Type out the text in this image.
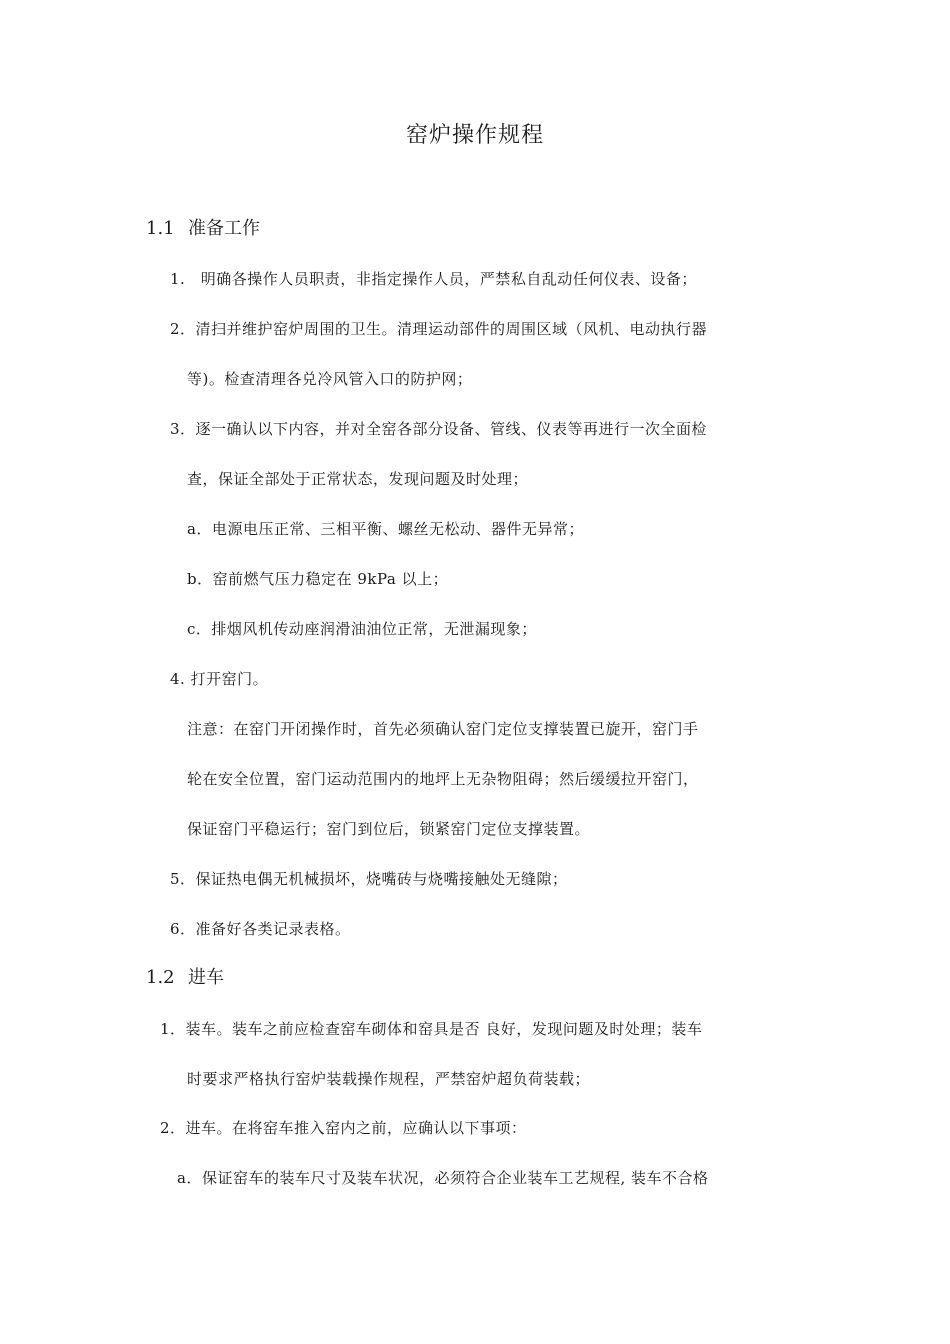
窑炉操作规程
1.1 准备工作
1.　明确各操作人员职责，非指定操作人员，严禁私自乱动任何仪表、设备；
2．清扫并维护窑炉周围的卫生。清理运动部件的周围区域（风机、电动执行器
等)。检查清理各兑冷风管入口的防护网；
3．逐一确认以下内容，并对全窑各部分设备、管线、仪表等再进行一次全面检
查，保证全部处于正常状态，发现问题及时处理；
a．电源电压正常、三相平衡、螺丝无松动、器件无异常；
b．窑前燃气压力稳定在 9kPa 以上；
c．排烟风机传动座润滑油油位正常，无泄漏现象；
4. 打开窑门。
注意：在窑门开闭操作时，首先必须确认窑门定位支撑装置已旋开，窑门手
轮在安全位置，窑门运动范围内的地坪上无杂物阻碍；然后缓缓拉开窑门，
保证窑门平稳运行；窑门到位后，锁紧窑门定位支撑装置。
5．保证热电偶无机械损坏，烧嘴砖与烧嘴接触处无缝隙；
6．准备好各类记录表格。
1.2 进车
1．装车。装车之前应检查窑车砌体和窑具是否 良好，发现问题及时处理；装车
时要求严格执行窑炉装载操作规程，严禁窑炉超负荷装载；
2．进车。在将窑车推入窑内之前，应确认以下事项：
a．保证窑车的装车尺寸及装车状况，必须符合企业装车工艺规程, 装车不合格
